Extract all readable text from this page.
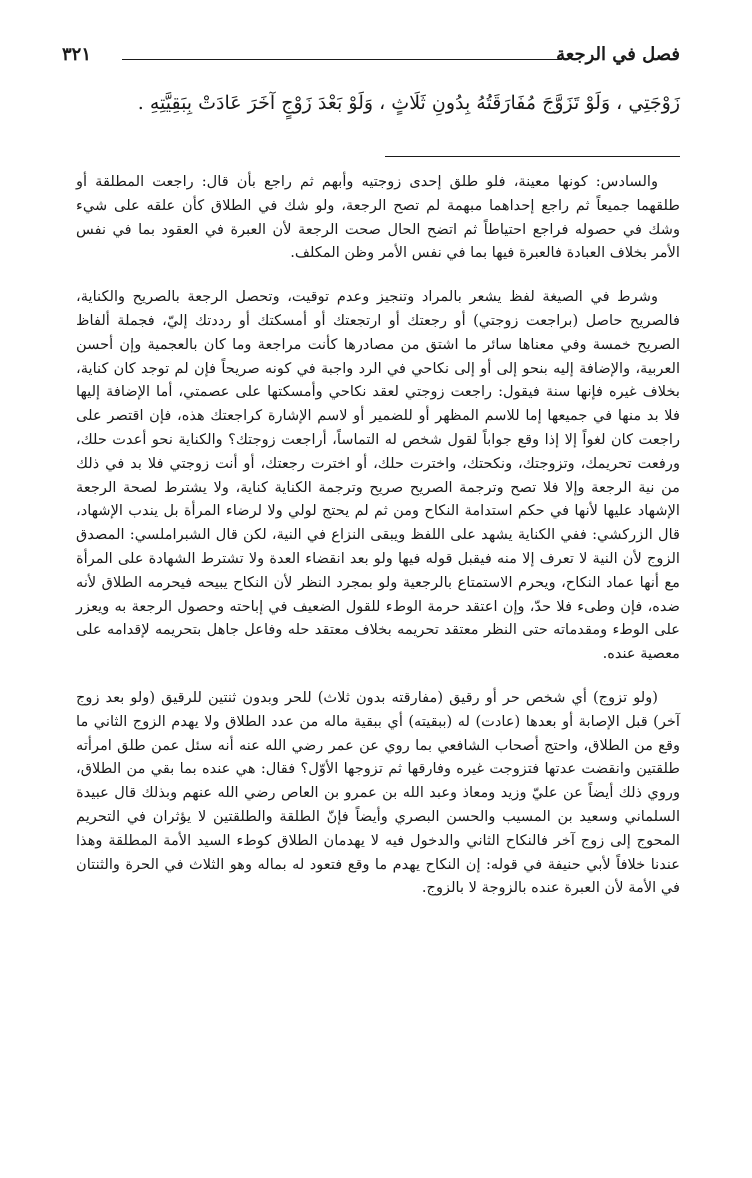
فصل في الرجعة
٣٢١
زَوْجَتِي ، وَلَوْ تَزَوَّجَ مُفَارَقَتُهُ بِدُونِ ثَلَاثٍ ، وَلَوْ بَعْدَ زَوْجٍ آخَرَ عَادَتْ بِبَقِيَّتِهِ .

والسادس: كونها معينة، فلو طلق إحدى زوجتيه وأبهم ثم راجع بأن قال: راجعت المطلقة أو طلقهما جميعاً ثم راجع إحداهما مبهمة لم تصح الرجعة، ولو شك في الطلاق كأن علقه على شيء وشك في حصوله فراجع احتياطاً ثم اتضح الحال صحت الرجعة لأن العبرة في العقود بما في نفس الأمر بخلاف العبادة فالعبرة فيها بما في نفس الأمر وظن المكلف.

وشرط في الصيغة لفظ يشعر بالمراد وتنجيز وعدم توقيت، وتحصل الرجعة بالصريح والكناية، فالصريح حاصل (براجعت زوجتي) أو رجعتك أو ارتجعتك أو أمسكتك أو رددتك إليّ، فجملة ألفاظ الصريح خمسة وفي معناها سائر ما اشتق من مصادرها كأنت مراجعة وما كان بالعجمية وإن أحسن العربية، والإضافة إليه بنحو إلى أو إلى نكاحي في الرد واجبة في كونه صريحاً فإن لم توجد كان كناية، بخلاف غيره فإنها سنة فيقول: راجعت زوجتي لعقد نكاحي وأمسكتها على عصمتي، أما الإضافة إليها فلا بد منها في جميعها إما للاسم المظهر أو للضمير أو لاسم الإشارة كراجعتك هذه، فإن اقتصر على راجعت كان لغواً إلا إذا وقع جواباً لقول شخص له التماساً، أراجعت زوجتك؟ والكناية نحو أعدت حلك، ورفعت تحريمك، وتزوجتك، ونكحتك، واخترت حلك، أو اخترت رجعتك، أو أنت زوجتي فلا بد في ذلك من نية الرجعة وإلا فلا تصح وترجمة الصريح صريح وترجمة الكناية كناية، ولا يشترط لصحة الرجعة الإشهاد عليها لأنها في حكم استدامة النكاح ومن ثم لم يحتج لولي ولا لرضاء المرأة بل يندب الإشهاد، قال الزركشي: ففي الكناية يشهد على اللفظ ويبقى النزاع في النية، لكن قال الشبراملسي: المصدق الزوج لأن النية لا تعرف إلا منه فيقبل قوله فيها ولو بعد انقضاء العدة ولا تشترط الشهادة على المرأة مع أنها عماد النكاح، ويحرم الاستمتاع بالرجعية ولو بمجرد النظر لأن النكاح يبيحه فيحرمه الطلاق لأنه ضده، فإن وطىء فلا حدّ، وإن اعتقد حرمة الوطء للقول الضعيف في إباحته وحصول الرجعة به ويعزر على الوطء ومقدماته حتى النظر معتقد تحريمه بخلاف معتقد حله وفاعل جاهل بتحريمه لإقدامه على معصية عنده.

(ولو تزوج) أي شخص حر أو رقيق (مفارقته بدون ثلاث) للحر وبدون ثنتين للرقيق (ولو بعد زوج آخر) قبل الإصابة أو بعدها (عادت) له (ببقيته) أي ببقية ماله من عدد الطلاق ولا يهدم الزوج الثاني ما وقع من الطلاق، واحتج أصحاب الشافعي بما روي عن عمر رضي الله عنه أنه سئل عمن طلق امرأته طلقتين وانقضت عدتها فتزوجت غيره وفارقها ثم تزوجها الأوّل؟ فقال: هي عنده بما بقي من الطلاق، وروي ذلك أيضاً عن عليّ وزيد ومعاذ وعبد الله بن عمرو بن العاص رضي الله عنهم وبذلك قال عبيدة السلماني وسعيد بن المسيب والحسن البصري وأيضاً فإنّ الطلقة والطلقتين لا يؤثران في التحريم المحوج إلى زوج آخر فالنكاح الثاني والدخول فيه لا يهدمان الطلاق كوطء السيد الأمة المطلقة وهذا عندنا خلافاً لأبي حنيفة في قوله: إن النكاح يهدم ما وقع فتعود له بماله وهو الثلاث في الحرة والثنتان في الأمة لأن العبرة عنده بالزوجة لا بالزوج.
